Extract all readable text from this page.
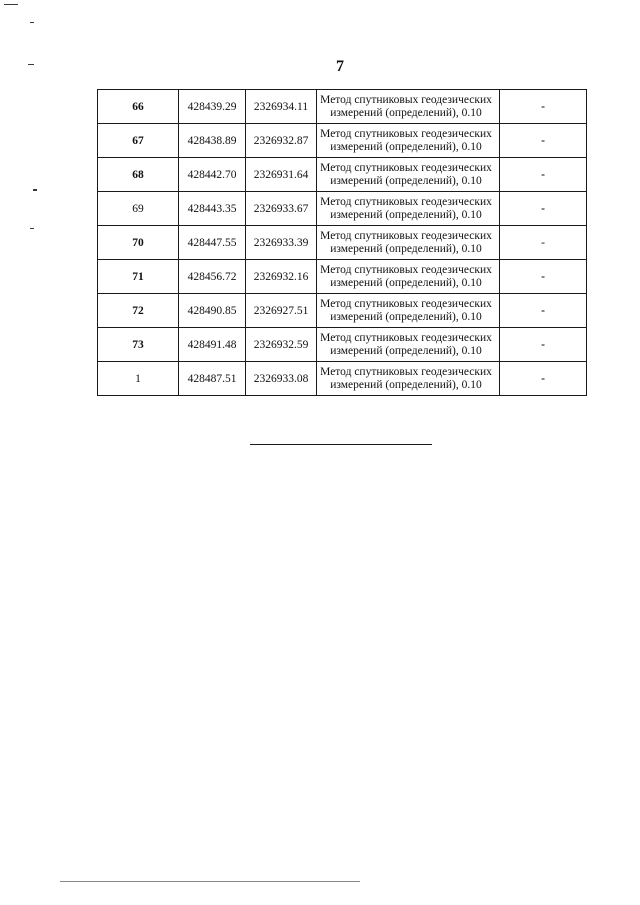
7
66	428439.29	2326934.11	Метод спутниковых геодезических
измерений (определений), 0.10	-
67	428438.89	2326932.87	Метод спутниковых геодезических
измерений (определений), 0.10	-
68	428442.70	2326931.64	Метод спутниковых геодезических
измерений (определений), 0.10	-
69	428443.35	2326933.67	Метод спутниковых геодезических
измерений (определений), 0.10	-
70	428447.55	2326933.39	Метод спутниковых геодезических
измерений (определений), 0.10	-
71	428456.72	2326932.16	Метод спутниковых геодезических
измерений (определений), 0.10	-
72	428490.85	2326927.51	Метод спутниковых геодезических
измерений (определений), 0.10	-
73	428491.48	2326932.59	Метод спутниковых геодезических
измерений (определений), 0.10	-
1	428487.51	2326933.08	Метод спутниковых геодезических
измерений (определений), 0.10	-
